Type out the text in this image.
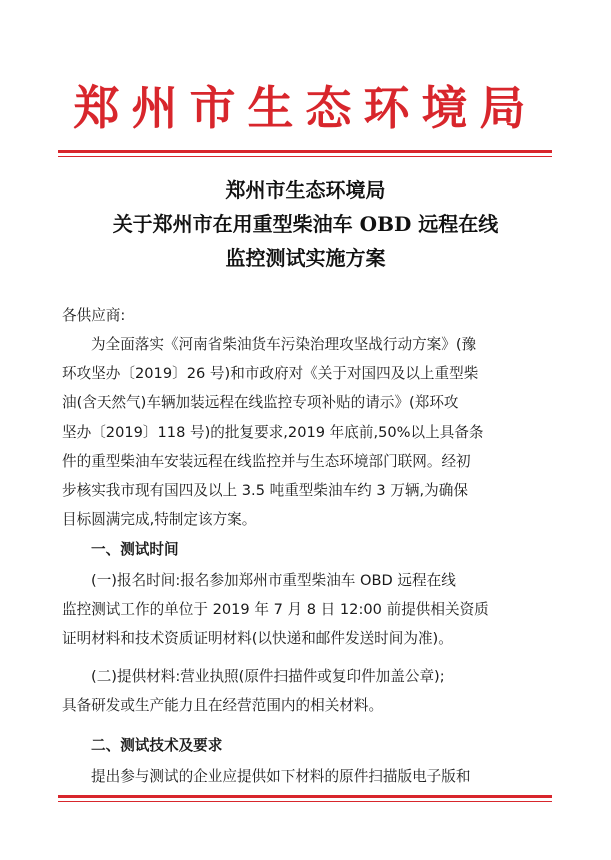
郑州市生态环境局
郑州市生态环境局
关于郑州市在用重型柴油车 OBD 远程在线
监控测试实施方案
各供应商:
为全面落实《河南省柴油货车污染治理攻坚战行动方案》(豫
环攻坚办〔2019〕26 号)和市政府对《关于对国四及以上重型柴
油(含天然气)车辆加装远程在线监控专项补贴的请示》(郑环攻
坚办〔2019〕118 号)的批复要求,2019 年底前,50%以上具备条
件的重型柴油车安装远程在线监控并与生态环境部门联网。经初
步核实我市现有国四及以上 3.5 吨重型柴油车约 3 万辆,为确保
目标圆满完成,特制定该方案。
一、测试时间
(一)报名时间:报名参加郑州市重型柴油车 OBD 远程在线
监控测试工作的单位于 2019 年 7 月 8 日 12:00 前提供相关资质
证明材料和技术资质证明材料(以快递和邮件发送时间为准)。
(二)提供材料:营业执照(原件扫描件或复印件加盖公章);
具备研发或生产能力且在经营范围内的相关材料。
二、测试技术及要求
提出参与测试的企业应提供如下材料的原件扫描版电子版和
